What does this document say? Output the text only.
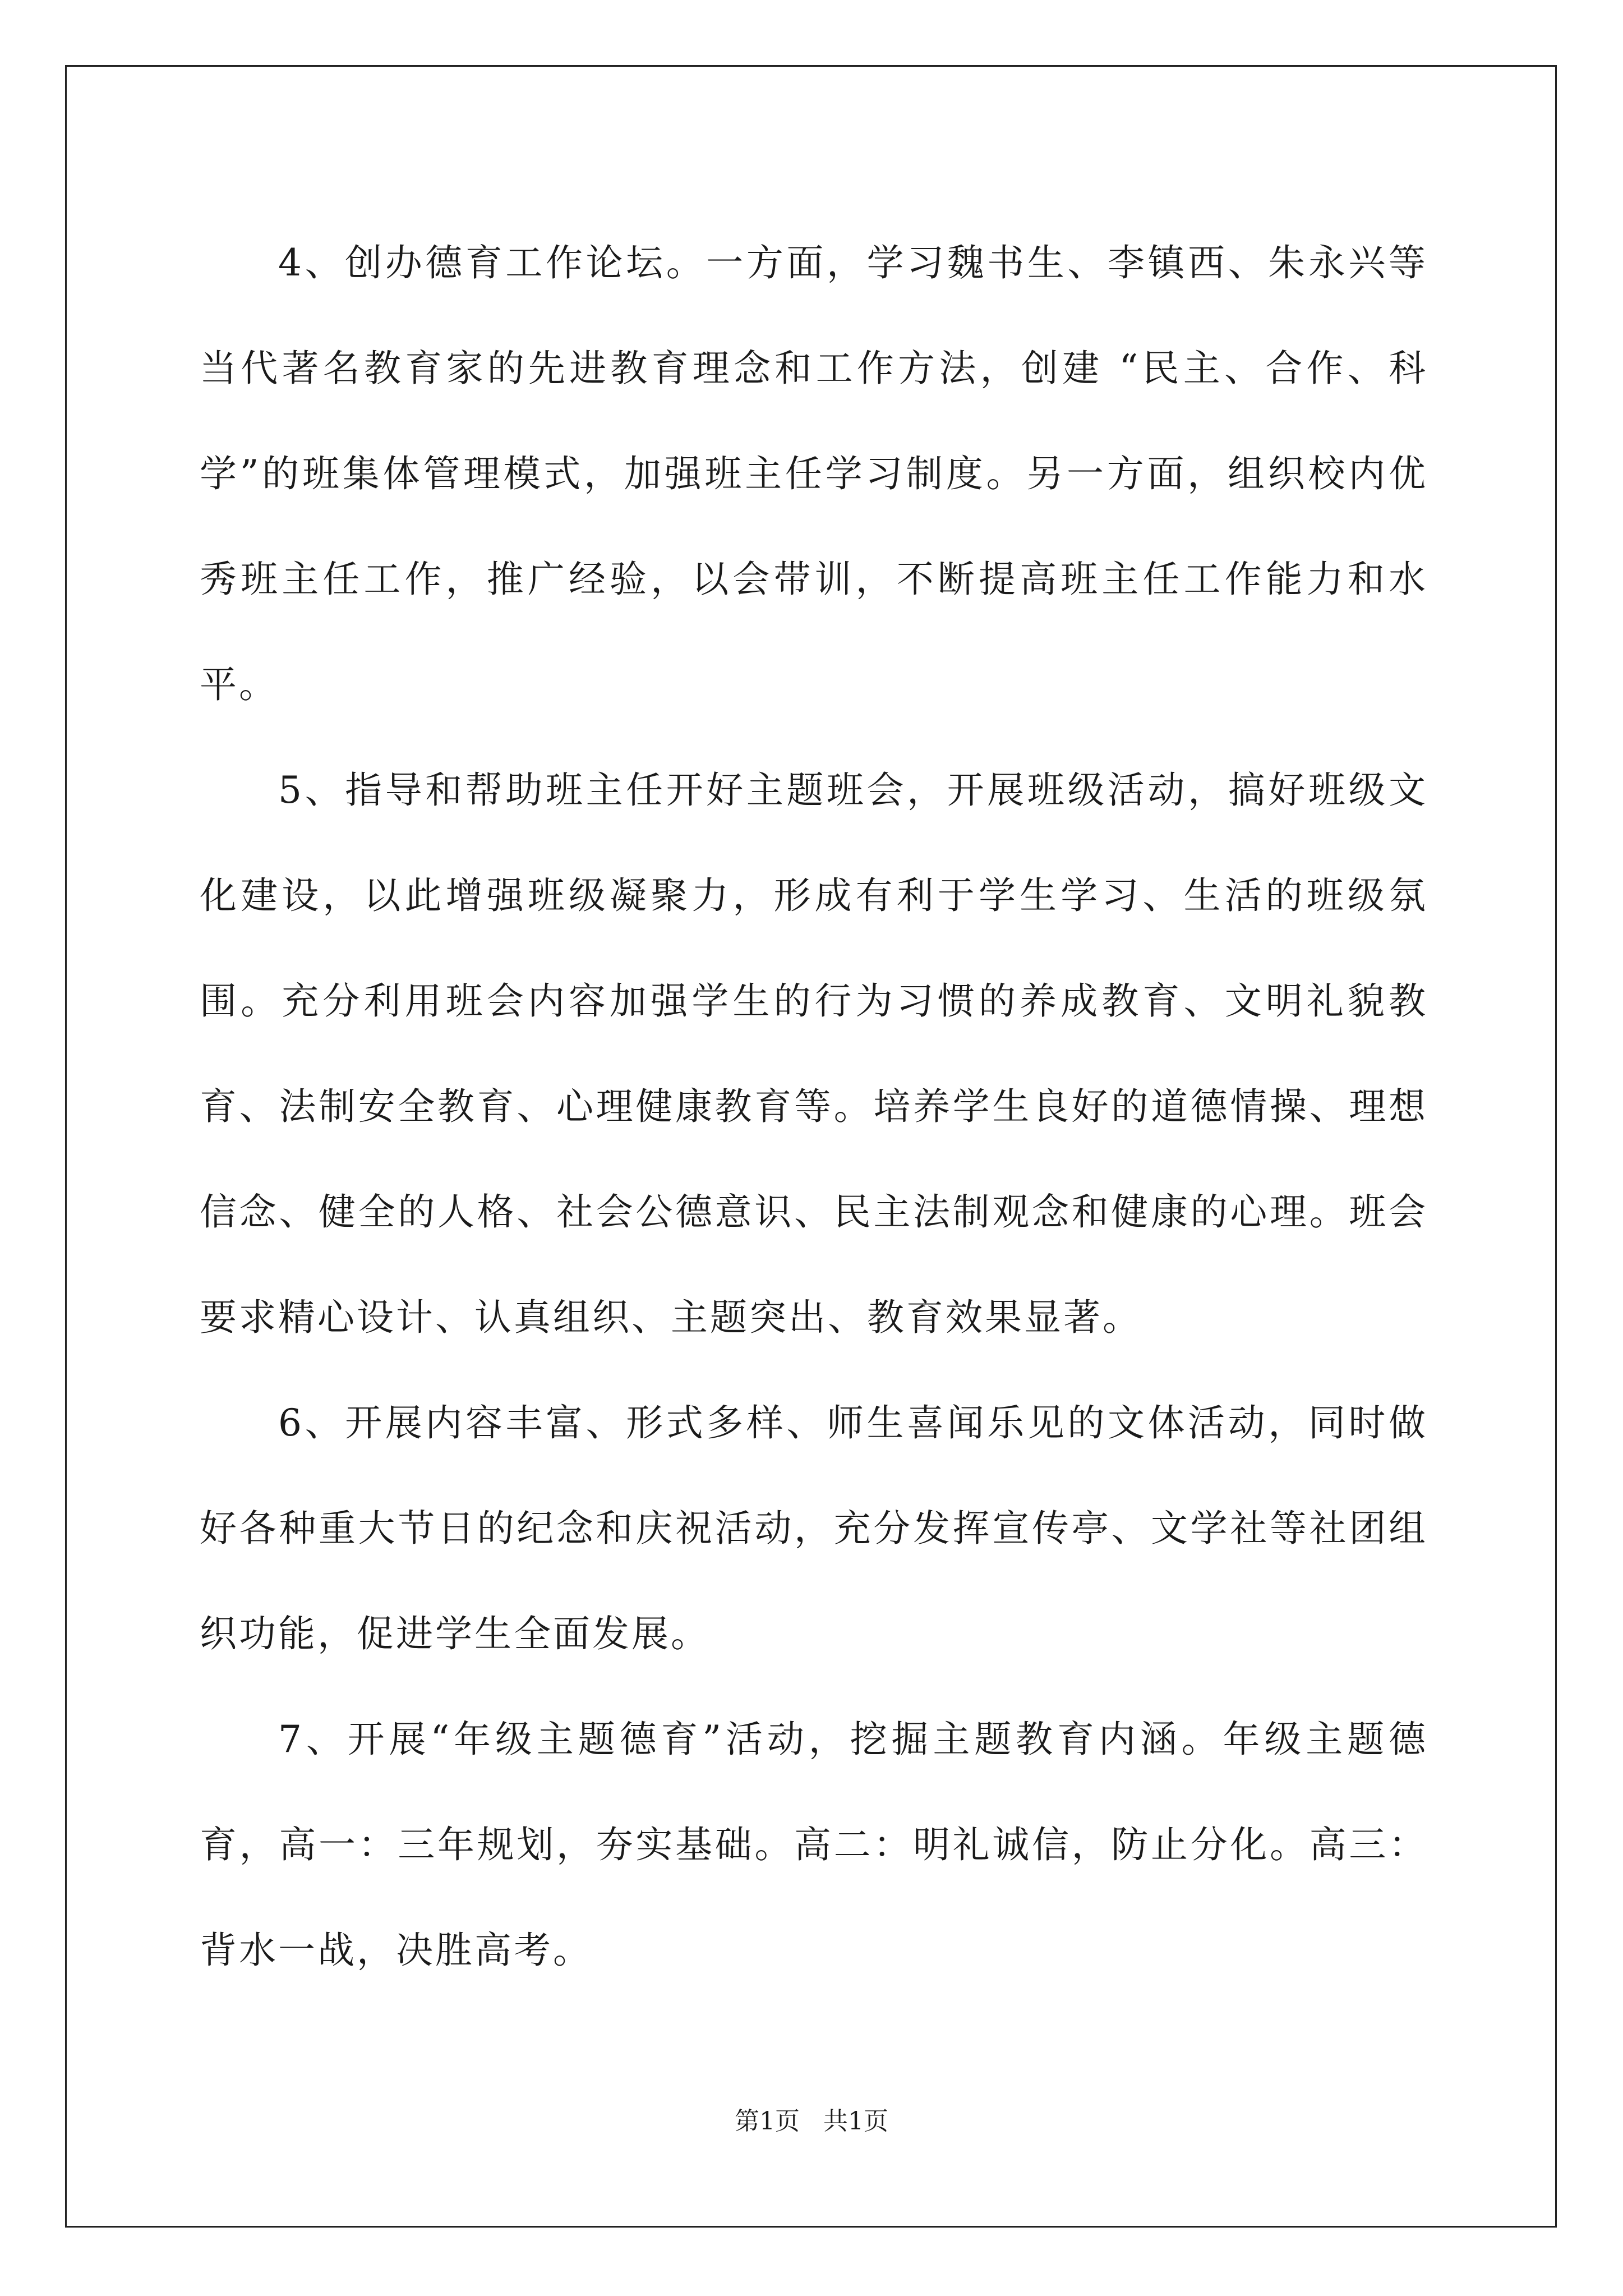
4、创办德育工作论坛。一方面，学习魏书生、李镇西、朱永兴等当代著名教育家的先进教育理念和工作方法，创建 “民主、合作、科学”的班集体管理模式，加强班主任学习制度。另一方面，组织校内优秀班主任工作，推广经验，以会带训，不断提高班主任工作能力和水平。

5、指导和帮助班主任开好主题班会，开展班级活动，搞好班级文化建设，以此增强班级凝聚力，形成有利于学生学习、生活的班级氛围。充分利用班会内容加强学生的行为习惯的养成教育、文明礼貌教育、法制安全教育、心理健康教育等。培养学生良好的道德情操、理想信念、健全的人格、社会公德意识、民主法制观念和健康的心理。班会要求精心设计、认真组织、主题突出、教育效果显著。

6、开展内容丰富、形式多样、师生喜闻乐见的文体活动，同时做好各种重大节日的纪念和庆祝活动，充分发挥宣传亭、文学社等社团组织功能，促进学生全面发展。

7、开展“年级主题德育”活动，挖掘主题教育内涵。年级主题德育，高一：三年规划，夯实基础。高二：明礼诚信，防止分化。高三：背水一战，决胜高考。

第1页   共1页
